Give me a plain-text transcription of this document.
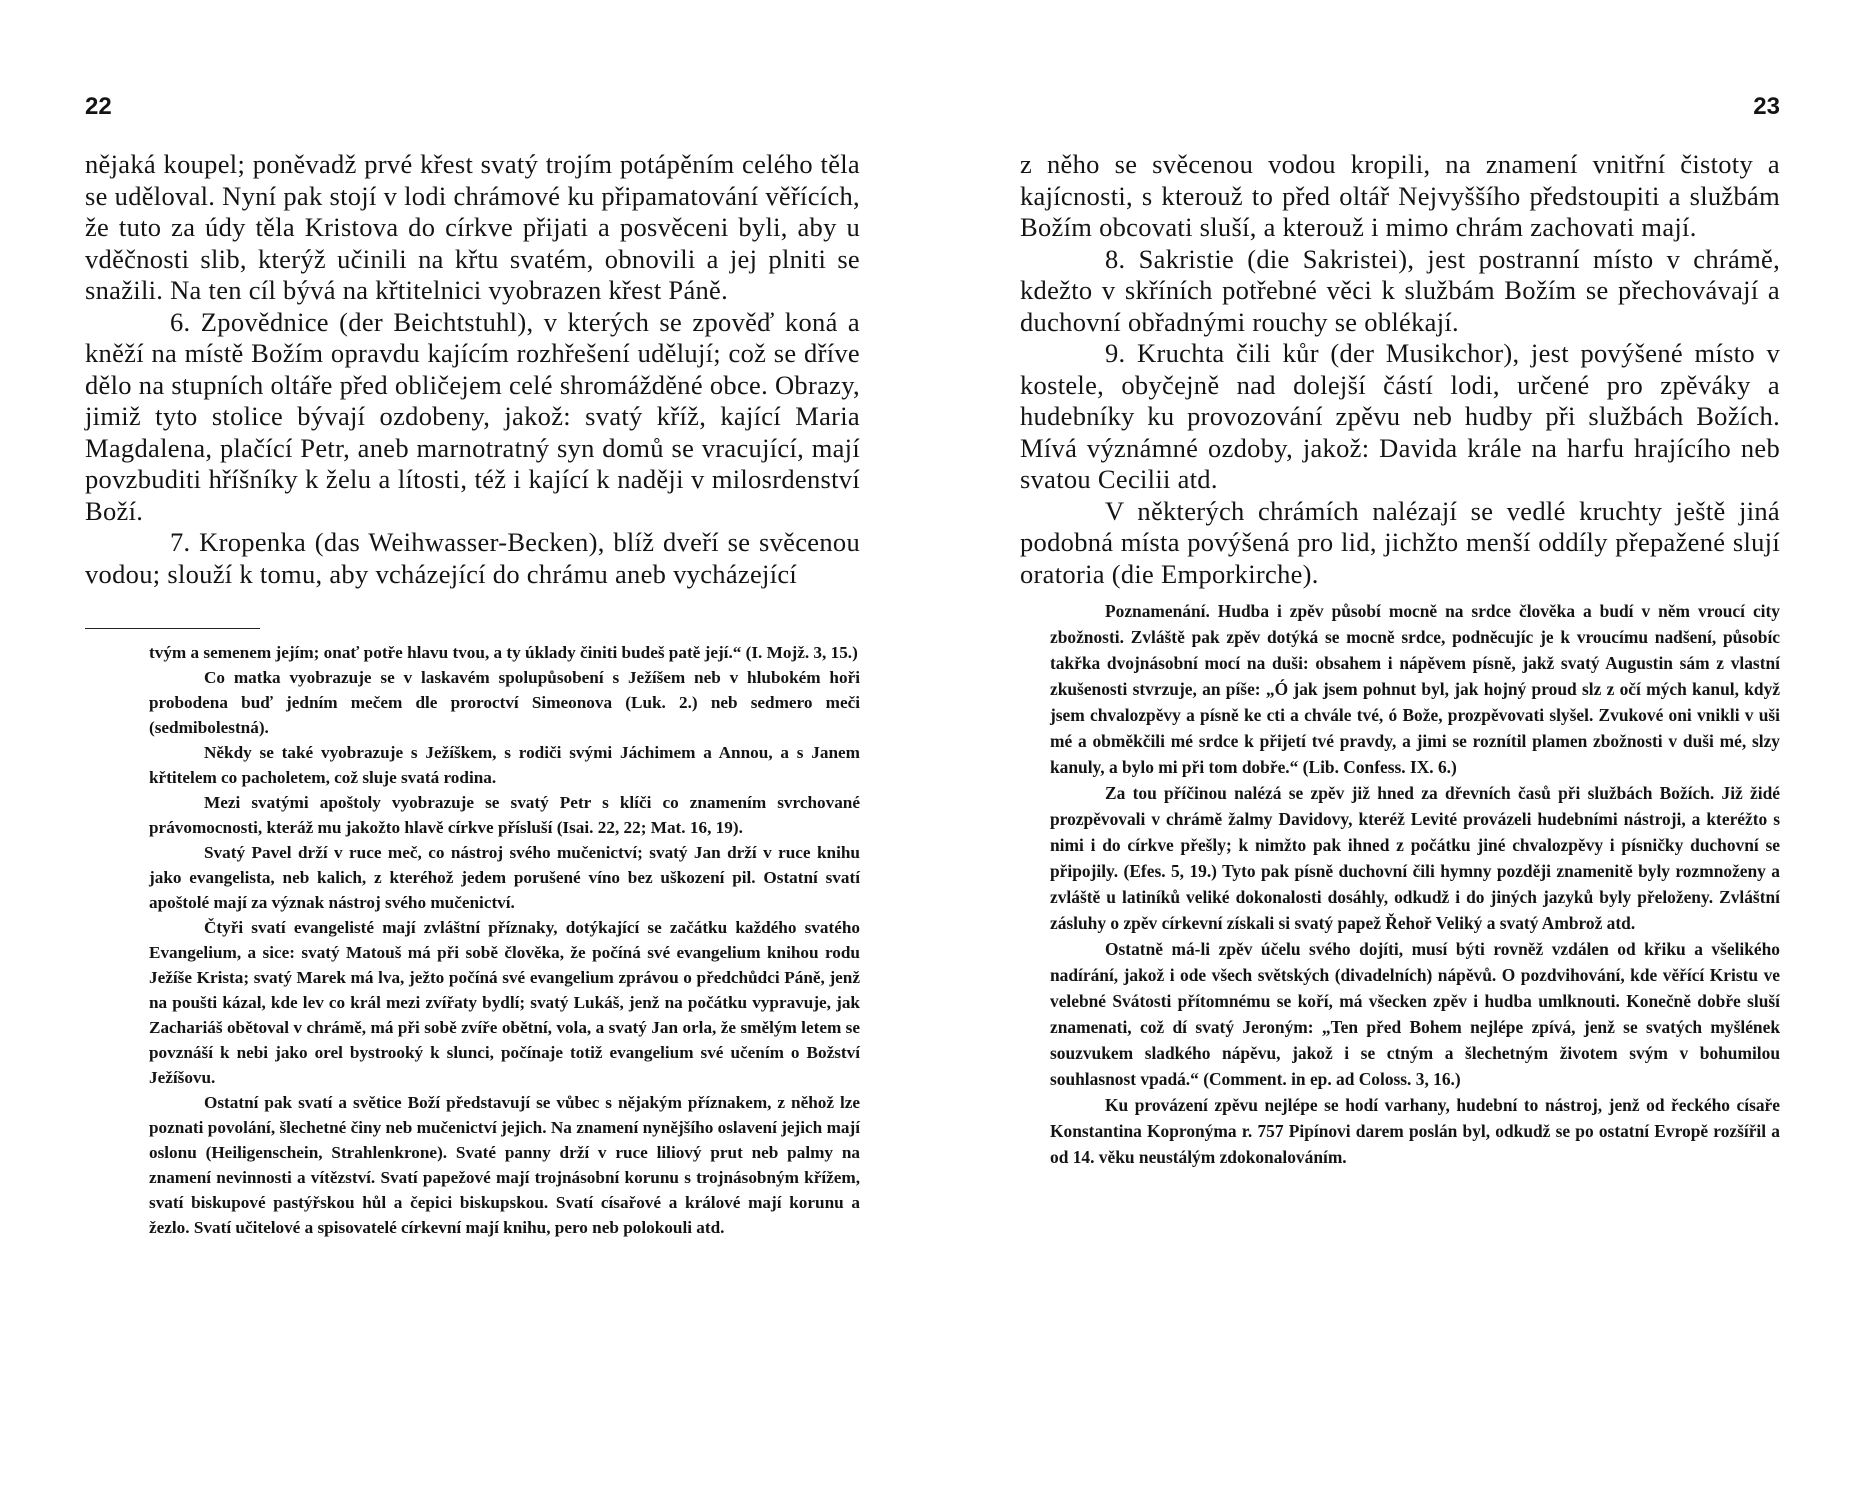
22

nějaká koupel; poněvadž prvé křest svatý trojím potápěním celého těla se uděloval. Nyní pak stojí v lodi chrámové ku připamatování věřících, že tuto za údy těla Kristova do církve přijati a posvěceni byli, aby u vděčnosti slib, kterýž učinili na křtu svatém, obnovili a jej plniti se snažili. Na ten cíl bývá na křtitelnici vyobrazen křest Páně.

6. Zpovědnice (der Beichtstuhl), v kterých se zpověď koná a kněží na místě Božím opravdu kajícím rozhřešení udělují; což se dříve dělo na stupních oltáře před obličejem celé shromážděné obce. Obrazy, jimiž tyto stolice bývají ozdobeny, jakož: svatý kříž, kající Maria Magdalena, plačící Petr, aneb marnotratný syn domů se vracující, mají povzbuditi hříšníky k želu a lítosti, též i kající k naději v milosrdenství Boží.

7. Kropenka (das Weihwasser-Becken), blíž dveří se svěcenou vodou; slouží k tomu, aby vcházející do chrámu aneb vycházející

tvým a semenem jejím; onať potře hlavu tvou, a ty úklady činiti budeš patě její.“ (I. Mojž. 3, 15.)

Co matka vyobrazuje se v laskavém spolupůsobení s Ježíšem neb v hlubokém hoři probodena buď jedním mečem dle proroctví Simeonova (Luk. 2.) neb sedmero meči (sedmibolestná).

Někdy se také vyobrazuje s Ježíškem, s rodiči svými Jáchimem a Annou, a s Janem křtitelem co pacholetem, což sluje svatá rodina.

Mezi svatými apoštoly vyobrazuje se svatý Petr s klíči co znamením svrchované právomocnosti, kteráž mu jakožto hlavě církve přísluší (Isai. 22, 22; Mat. 16, 19).

Svatý Pavel drží v ruce meč, co nástroj svého mučenictví; svatý Jan drží v ruce knihu jako evangelista, neb kalich, z kteréhož jedem porušené víno bez uškození pil. Ostatní svatí apoštolé mají za význak nástroj svého mučenictví.

Čtyři svatí evangelisté mají zvláštní příznaky, dotýkající se začátku každého svatého Evangelium, a sice: svatý Matouš má při sobě člověka, že počíná své evangelium knihou rodu Ježíše Krista; svatý Marek má lva, ježto počíná své evangelium zprávou o předchůdci Páně, jenž na poušti kázal, kde lev co král mezi zvířaty bydlí; svatý Lukáš, jenž na počátku vypravuje, jak Zachariáš obětoval v chrámě, má při sobě zvíře obětní, vola, a svatý Jan orla, že smělým letem se povznáší k nebi jako orel bystrooký k slunci, počínaje totiž evangelium své učením o Božství Ježíšovu.

Ostatní pak svatí a světice Boží představují se vůbec s nějakým příznakem, z něhož lze poznati povolání, šlechetné činy neb mučenictví jejich. Na znamení nynějšího oslavení jejich mají oslonu (Heiligenschein, Strahlenkrone). Svaté panny drží v ruce liliový prut neb palmy na znamení nevinnosti a vítězství. Svatí papežové mají trojnásobní korunu s trojnásobným křížem, svatí biskupové pastýřskou hůl a čepici biskupskou. Svatí císařové a králové mají korunu a žezlo. Svatí učitelové a spisovatelé církevní mají knihu, pero neb polokouli atd.

23

z něho se svěcenou vodou kropili, na znamení vnitřní čistoty a kajícnosti, s kterouž to před oltář Nejvyššího předstoupiti a službám Božím obcovati sluší, a kterouž i mimo chrám zachovati mají.

8. Sakristie (die Sakristei), jest postranní místo v chrámě, kdežto v skříních potřebné věci k službám Božím se přechovávají a duchovní obřadnými rouchy se oblékají.

9. Kruchta čili kůr (der Musikchor), jest povýšené místo v kostele, obyčejně nad dolejší částí lodi, určené pro zpěváky a hudebníky ku provozování zpěvu neb hudby při službách Božích. Mívá význámné ozdoby, jakož: Davida krále na harfu hrajícího neb svatou Cecilii atd.

V některých chrámích nalézají se vedlé kruchty ještě jiná podobná místa povýšená pro lid, jichžto menší oddíly přepažené slují oratoria (die Emporkirche).

Poznamenání. Hudba i zpěv působí mocně na srdce člověka a budí v něm vroucí city zbožnosti. Zvláště pak zpěv dotýká se mocně srdce, podněcujíc je k vroucímu nadšení, působíc takřka dvojnásobní mocí na duši: obsahem i nápěvem písně, jakž svatý Augustin sám z vlastní zkušenosti stvrzuje, an píše: „Ó jak jsem pohnut byl, jak hojný proud slz z očí mých kanul, když jsem chvalozpěvy a písně ke cti a chvále tvé, ó Bože, prozpěvovati slyšel. Zvukové oni vnikli v uši mé a obměkčili mé srdce k přijetí tvé pravdy, a jimi se roznítil plamen zbožnosti v duši mé, slzy kanuly, a bylo mi při tom dobře.“ (Lib. Confess. IX. 6.)

Za tou příčinou nalézá se zpěv již hned za dřevních časů při službách Božích. Již židé prozpěvovali v chrámě žalmy Davidovy, kteréž Levité provázeli hudebními nástroji, a kteréžto s nimi i do církve přešly; k nimžto pak ihned z počátku jiné chvalozpěvy i písničky duchovní se připojily. (Efes. 5, 19.) Tyto pak písně duchovní čili hymny později znamenitě byly rozmnoženy a zvláště u latiníků veliké dokonalosti dosáhly, odkudž i do jiných jazyků byly přeloženy. Zvláštní zásluhy o zpěv církevní získali si svatý papež Řehoř Veliký a svatý Ambrož atd.

Ostatně má-li zpěv účelu svého dojíti, musí býti rovněž vzdálen od křiku a všelikého nadírání, jakož i ode všech světských (divadelních) nápěvů. O pozdvihování, kde věřící Kristu ve velebné Svátosti přítomnému se koří, má všecken zpěv i hudba umlknouti. Konečně dobře sluší znamenati, což dí svatý Jeroným: „Ten před Bohem nejlépe zpívá, jenž se svatých myšlének souzvukem sladkého nápěvu, jakož i se ctným a šlechetným životem svým v bohumilou souhlasnost vpadá.“ (Comment. in ep. ad Coloss. 3, 16.)

Ku provázení zpěvu nejlépe se hodí varhany, hudební to nástroj, jenž od řeckého císaře Konstantina Kopronýma r. 757 Pipínovi darem poslán byl, odkudž se po ostatní Evropě rozšířil a od 14. věku neustálým zdokonalováním.
